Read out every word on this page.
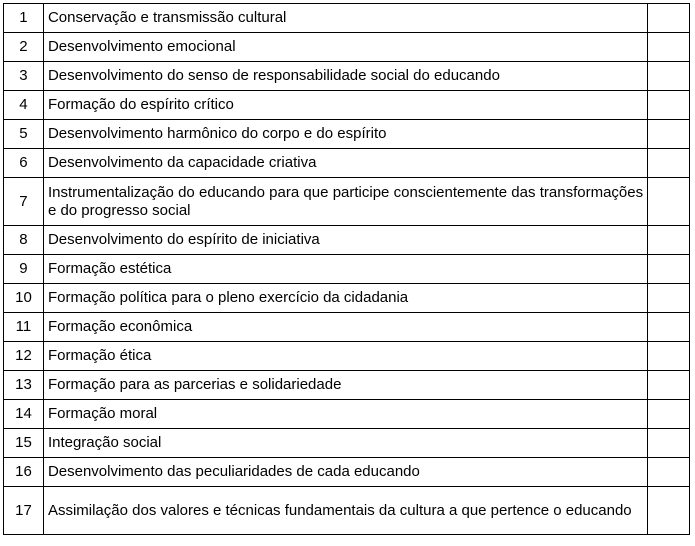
1	Conservação e transmissão cultural	
2	Desenvolvimento emocional	
3	Desenvolvimento do senso de responsabilidade social do educando	
4	Formação do espírito crítico	
5	Desenvolvimento harmônico do corpo e do espírito	
6	Desenvolvimento da capacidade criativa	
7	Instrumentalização do educando para que participe conscientemente das transformações e do progresso social	
8	Desenvolvimento do espírito de iniciativa	
9	Formação estética	
10	Formação política para o pleno exercício da cidadania	
11	Formação econômica	
12	Formação ética	
13	Formação para as parcerias e solidariedade	
14	Formação moral	
15	Integração social	
16	Desenvolvimento das peculiaridades de cada educando	
17	Assimilação dos valores e técnicas fundamentais da cultura a que pertence o educando	
